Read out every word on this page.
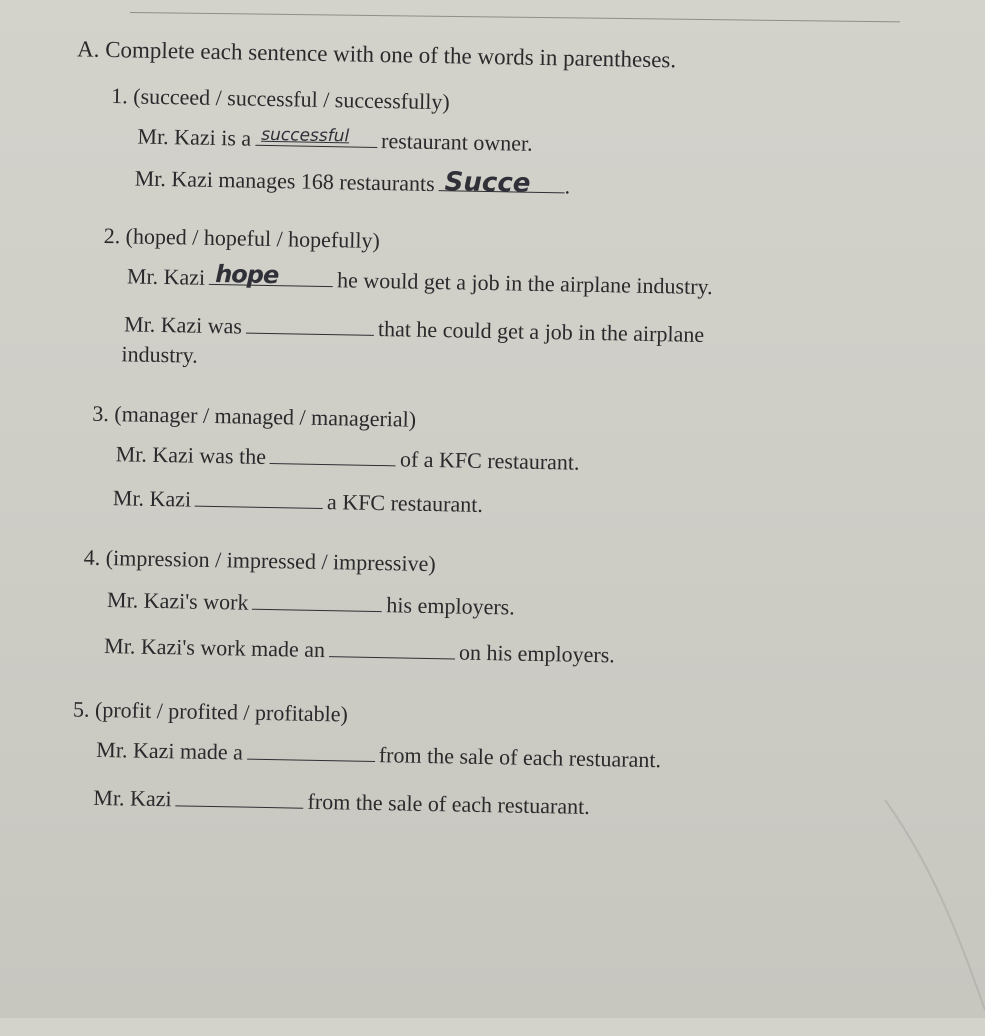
A. Complete each sentence with one of the words in parentheses.
1. (succeed / successful / successfully)
Mr. Kazi is a successful restaurant owner.
Mr. Kazi manages 168 restaurants Succe .
2. (hoped / hopeful / hopefully)
Mr. Kazi hope	he would get a job in the airplane industry.
Mr. Kazi was	that he could get a job in the airplane
industry.
3. (manager / managed / managerial)
Mr. Kazi was the	of a KFC restaurant.
Mr. Kazi	a KFC restaurant.
4. (impression / impressed / impressive)
Mr. Kazi's work	his employers.
Mr. Kazi's work made an	on his employers.
5. (profit / profited / profitable)
Mr. Kazi made a	from the sale of each restuarant.
Mr. Kazi	from the sale of each restuarant.
